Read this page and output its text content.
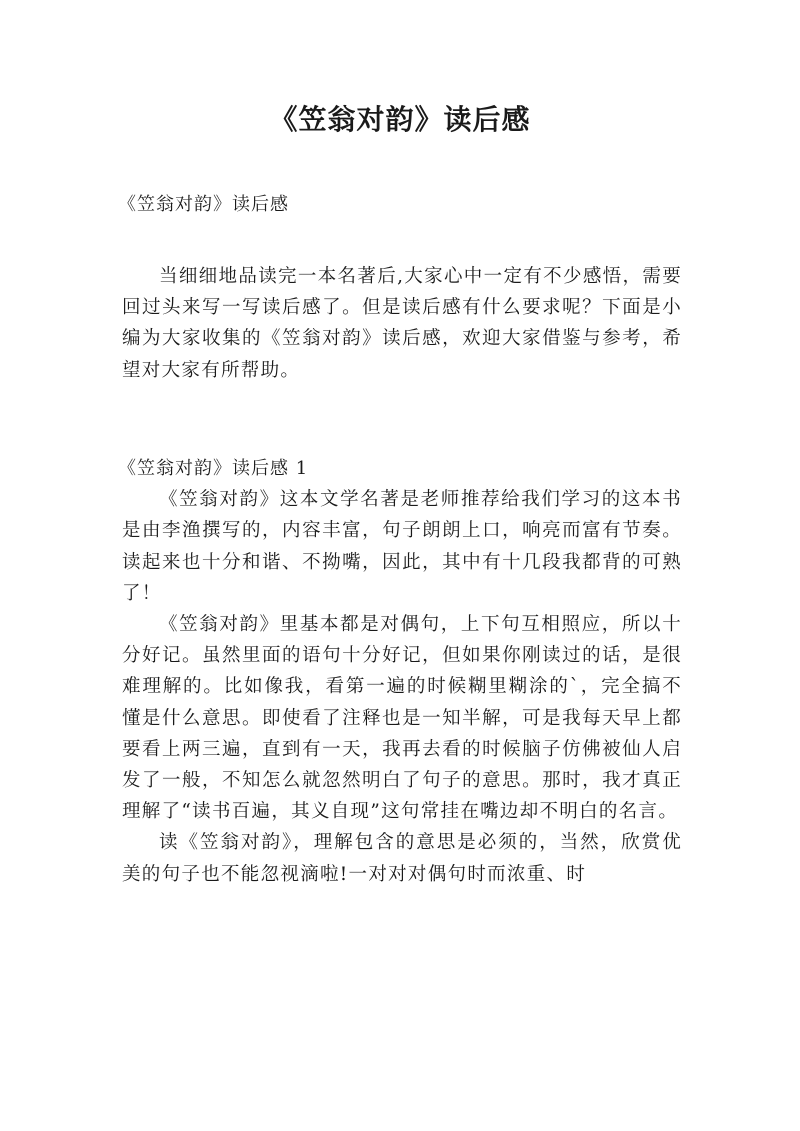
《笠翁对韵》读后感
《笠翁对韵》读后感

当细细地品读完一本名著后,大家心中一定有不少感悟，需要回过头来写一写读后感了。但是读后感有什么要求呢？下面是小编为大家收集的《笠翁对韵》读后感，欢迎大家借鉴与参考，希望对大家有所帮助。

《笠翁对韵》读后感 1

《笠翁对韵》这本文学名著是老师推荐给我们学习的这本书是由李渔撰写的，内容丰富，句子朗朗上口，响亮而富有节奏。读起来也十分和谐、不拗嘴，因此，其中有十几段我都背的可熟了！

《笠翁对韵》里基本都是对偶句，上下句互相照应，所以十分好记。虽然里面的语句十分好记，但如果你刚读过的话，是很难理解的。比如像我，看第一遍的时候糊里糊涂的`，完全搞不懂是什么意思。即使看了注释也是一知半解，可是我每天早上都要看上两三遍，直到有一天，我再去看的时候脑子仿佛被仙人启发了一般，不知怎么就忽然明白了句子的意思。那时，我才真正理解了“读书百遍，其义自现”这句常挂在嘴边却不明白的名言。

读《笠翁对韵》，理解包含的意思是必须的，当然，欣赏优美的句子也不能忽视滴啦!一对对对偶句时而浓重、时
